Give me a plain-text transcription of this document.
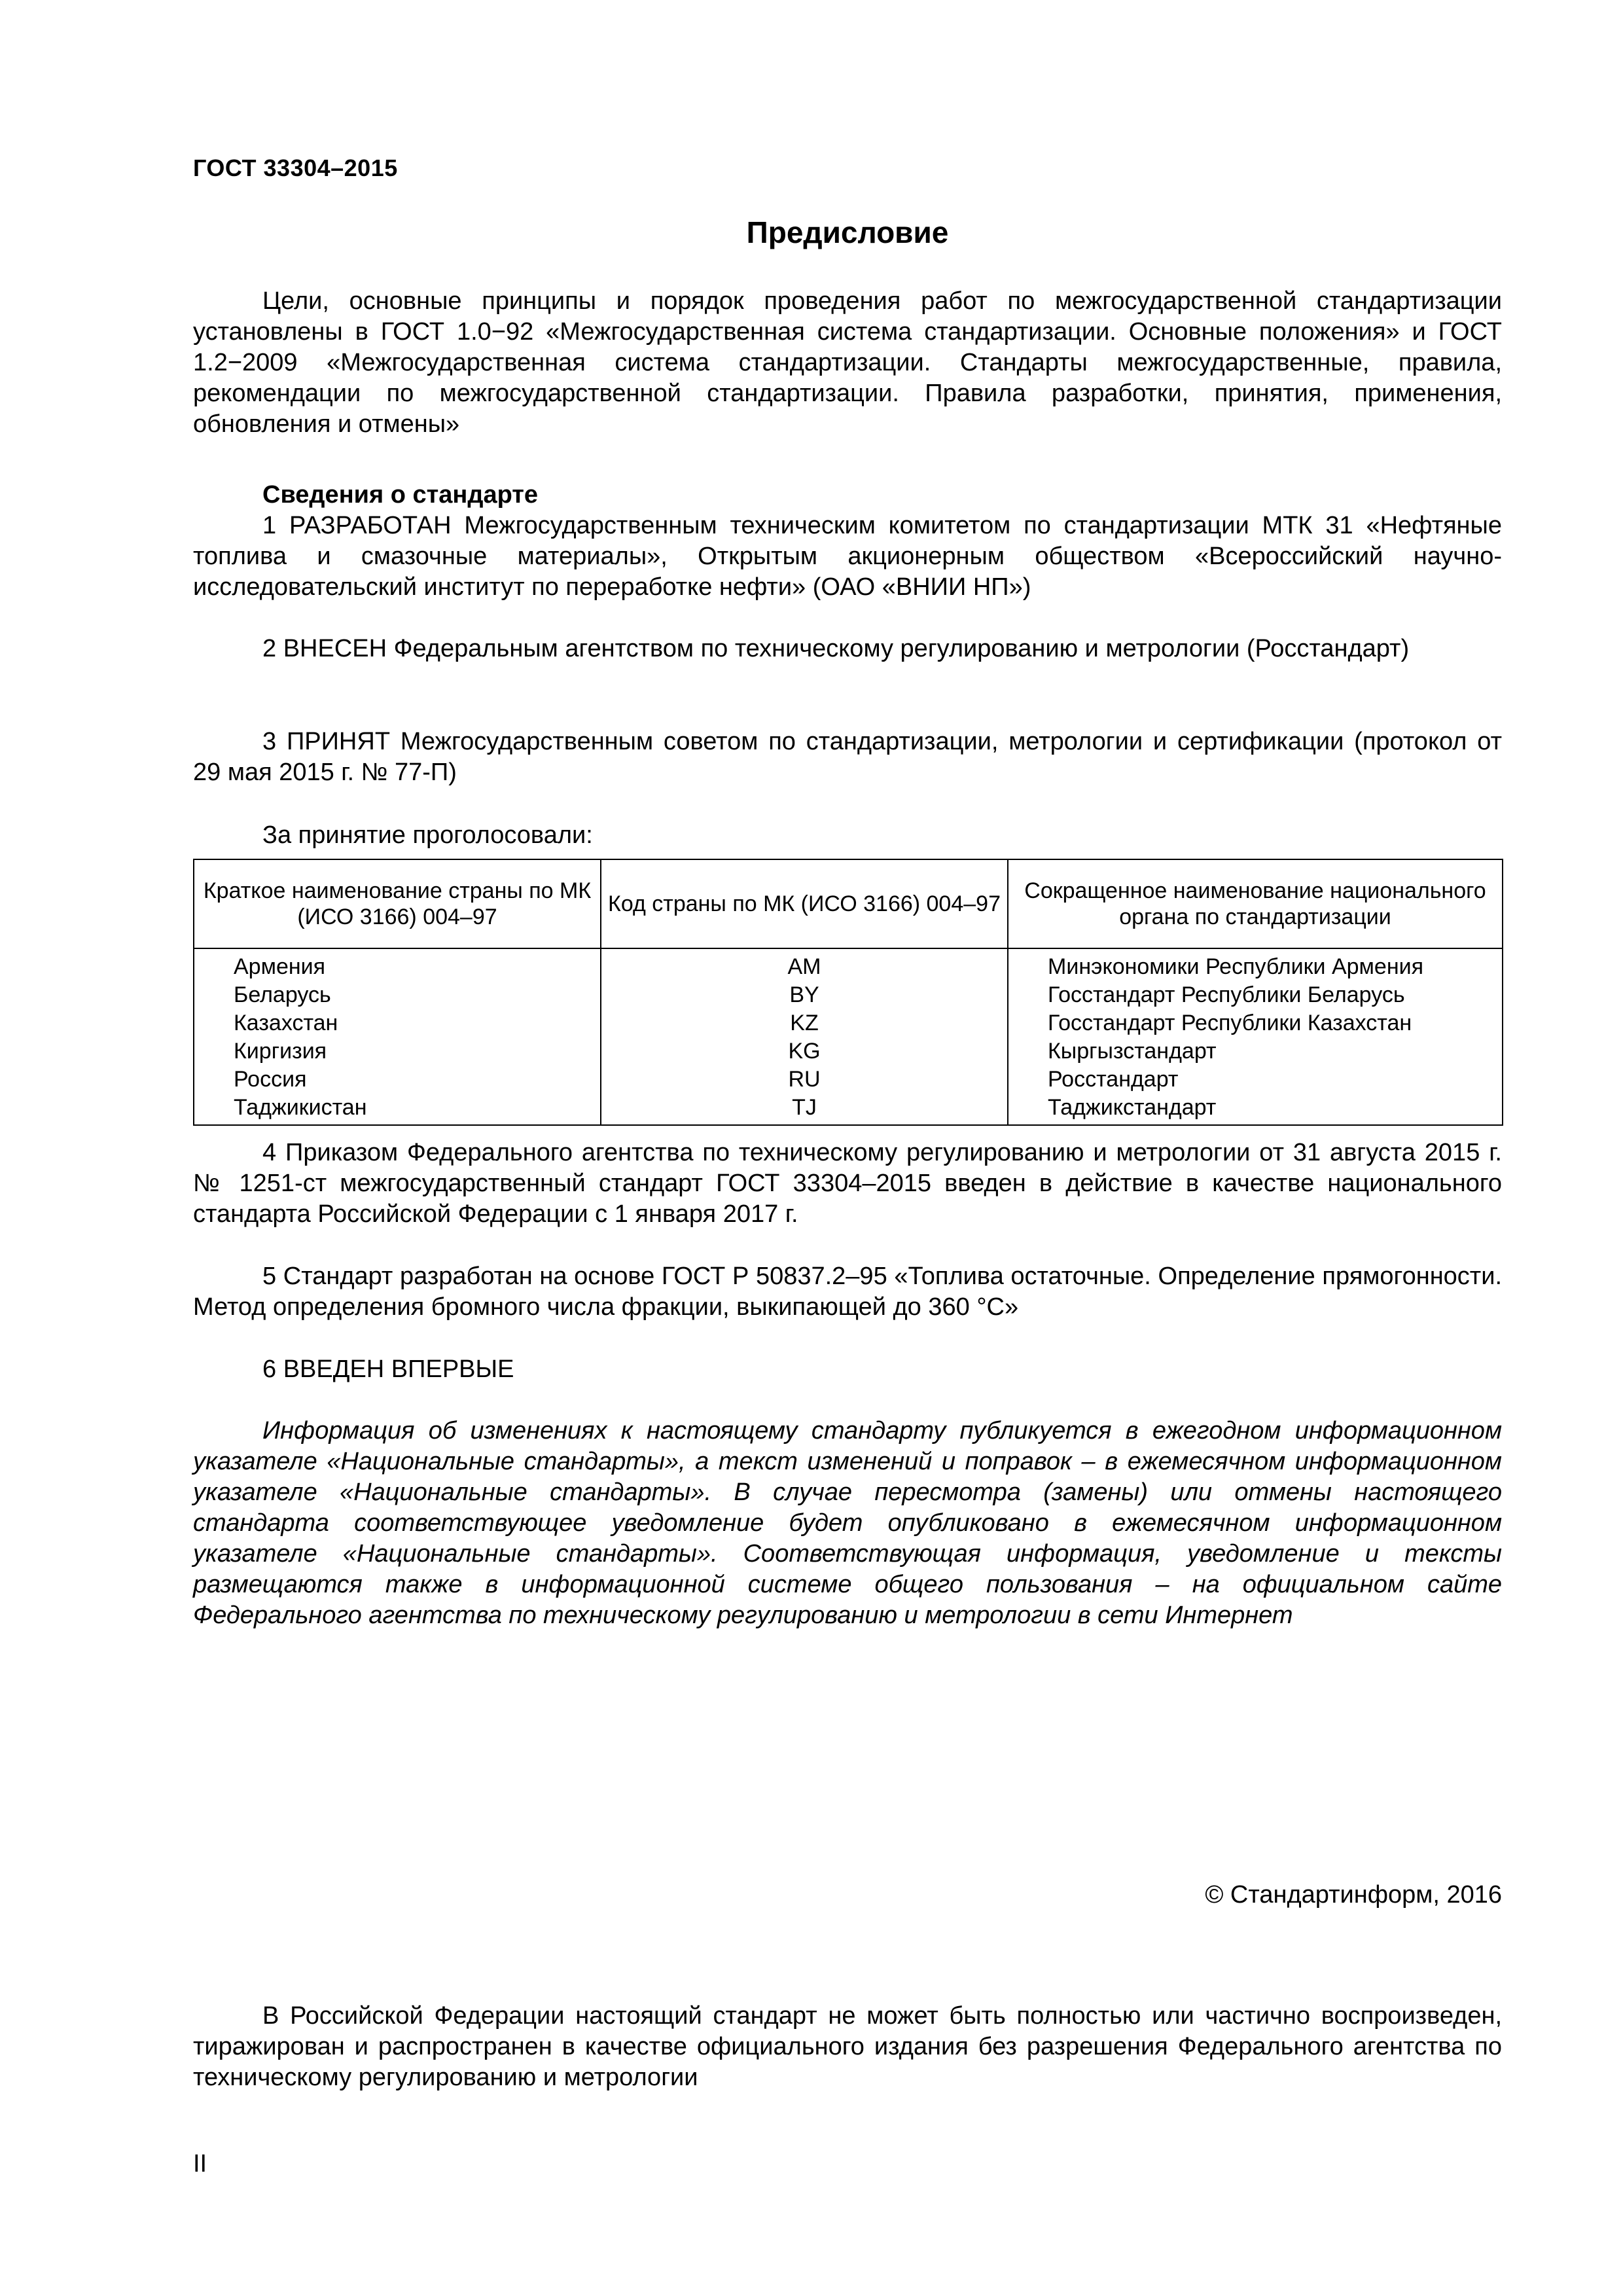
ГОСТ 33304–2015
Предисловие

Цели, основные принципы и порядок проведения работ по межгосударственной стандартизации установлены в ГОСТ 1.0−92 «Межгосударственная система стандартизации. Основные положения» и ГОСТ 1.2−2009 «Межгосударственная система стандартизации. Стандарты межгосударственные, правила, рекомендации по межгосударственной стандартизации. Правила разработки, принятия, применения, обновления и отмены»

Сведения о стандарте

1 РАЗРАБОТАН Межгосударственным техническим комитетом по стандартизации МТК 31 «Нефтяные топлива и смазочные материалы», Открытым акционерным обществом «Всероссийский научно-исследовательский институт по переработке нефти» (ОАО «ВНИИ НП»)

2 ВНЕСЕН Федеральным агентством по техническому регулированию и метрологии (Росстандарт)

3 ПРИНЯТ Межгосударственным советом по стандартизации, метрологии и сертификации (протокол от 29 мая 2015 г. № 77-П)

За принятие проголосовали:

Краткое наименование страны по МК (ИСО 3166) 004–97	Код страны по МК (ИСО 3166) 004–97	Сокращенное наименование национального органа по стандартизации
Армения	AM	Минэкономики Республики Армения
Беларусь	BY	Госстандарт Республики Беларусь
Казахстан	KZ	Госстандарт Республики Казахстан
Киргизия	KG	Кыргызстандарт
Россия	RU	Росстандарт
Таджикистан	TJ	Таджикстандарт

4 Приказом Федерального агентства по техническому регулированию и метрологии от 31 августа 2015 г. № 1251-ст межгосударственный стандарт ГОСТ 33304–2015 введен в действие в качестве национального стандарта Российской Федерации с 1 января 2017 г.

5 Стандарт разработан на основе ГОСТ Р 50837.2–95 «Топлива остаточные. Определение прямогонности. Метод определения бромного числа фракции, выкипающей до 360 °С»

6 ВВЕДЕН ВПЕРВЫЕ

Информация об изменениях к настоящему стандарту публикуется в ежегодном информационном указателе «Национальные стандарты», а текст изменений и поправок – в ежемесячном информационном указателе «Национальные стандарты». В случае пересмотра (замены) или отмены настоящего стандарта соответствующее уведомление будет опубликовано в ежемесячном информационном указателе «Национальные стандарты». Соответствующая информация, уведомление и тексты размещаются также в информационной системе общего пользования – на официальном сайте Федерального агентства по техническому регулированию и метрологии в сети Интернет

© Стандартинформ, 2016

В Российской Федерации настоящий стандарт не может быть полностью или частично воспроизведен, тиражирован и распространен в качестве официального издания без разрешения Федерального агентства по техническому регулированию и метрологии

II
